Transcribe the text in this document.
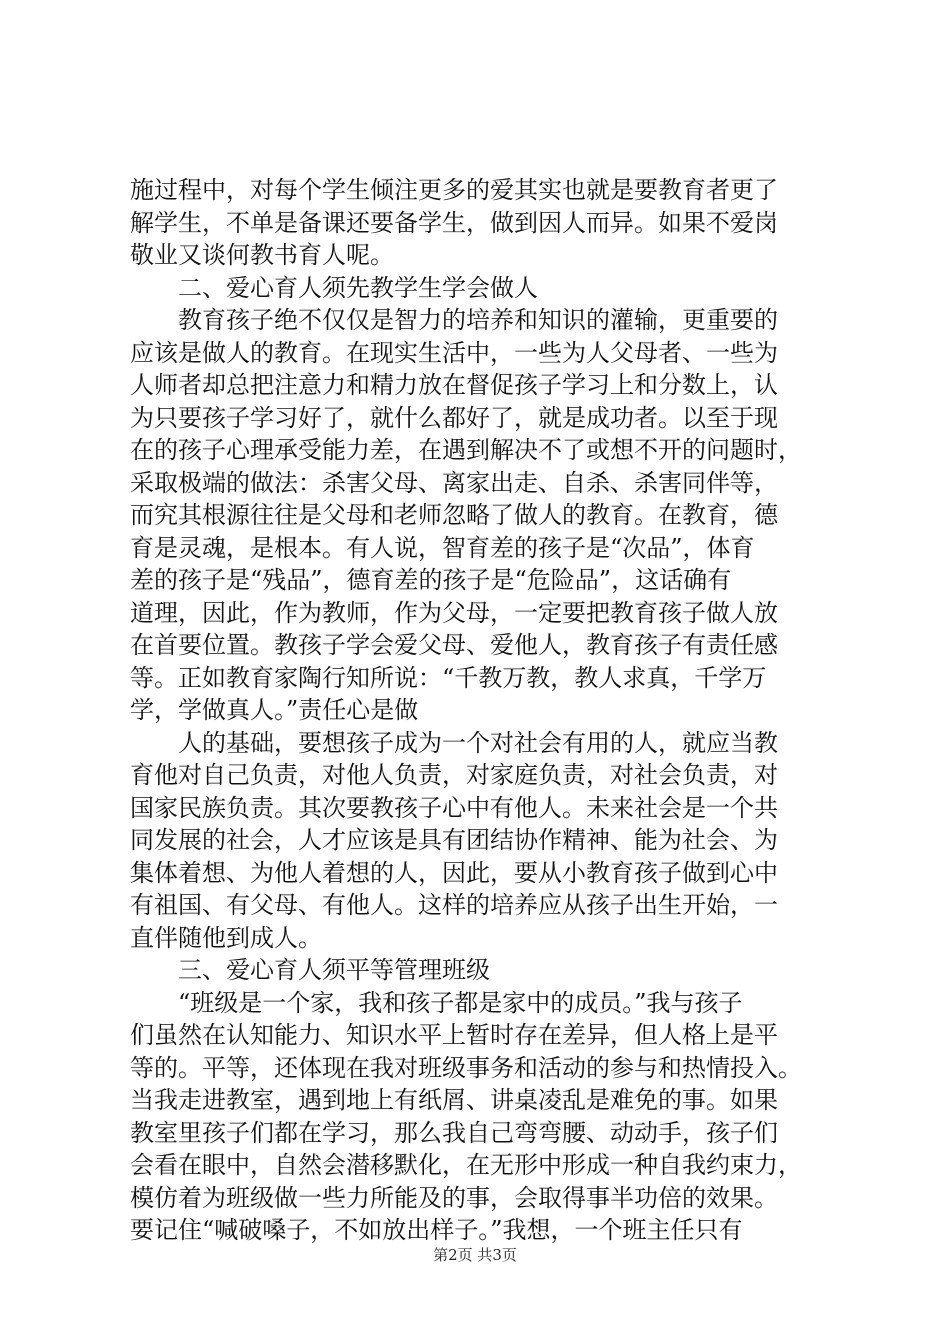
施过程中，对每个学生倾注更多的爱其实也就是要教育者更了
解学生，不单是备课还要备学生，做到因人而异。如果不爱岗
敬业又谈何教书育人呢。
二、爱心育人须先教学生学会做人
教育孩子绝不仅仅是智力的培养和知识的灌输，更重要的
应该是做人的教育。在现实生活中，一些为人父母者、一些为
人师者却总把注意力和精力放在督促孩子学习上和分数上，认
为只要孩子学习好了，就什么都好了，就是成功者。以至于现
在的孩子心理承受能力差，在遇到解决不了或想不开的问题时，
采取极端的做法：杀害父母、离家出走、自杀、杀害同伴等，
而究其根源往往是父母和老师忽略了做人的教育。在教育，德
育是灵魂，是根本。有人说，智育差的孩子是“次品”，体育
差的孩子是“残品”，德育差的孩子是“危险品”，这话确有
道理，因此，作为教师，作为父母，一定要把教育孩子做人放
在首要位置。教孩子学会爱父母、爱他人，教育孩子有责任感
等。正如教育家陶行知所说：“千教万教，教人求真，千学万
学，学做真人。”责任心是做
人的基础，要想孩子成为一个对社会有用的人，就应当教
育他对自己负责，对他人负责，对家庭负责，对社会负责，对
国家民族负责。其次要教孩子心中有他人。未来社会是一个共
同发展的社会，人才应该是具有团结协作精神、能为社会、为
集体着想、为他人着想的人，因此，要从小教育孩子做到心中
有祖国、有父母、有他人。这样的培养应从孩子出生开始，一
直伴随他到成人。
三、爱心育人须平等管理班级
“班级是一个家，我和孩子都是家中的成员。”我与孩子
们虽然在认知能力、知识水平上暂时存在差异，但人格上是平
等的。平等，还体现在我对班级事务和活动的参与和热情投入。
当我走进教室，遇到地上有纸屑、讲桌凌乱是难免的事。如果
教室里孩子们都在学习，那么我自己弯弯腰、动动手，孩子们
会看在眼中，自然会潜移默化，在无形中形成一种自我约束力，
模仿着为班级做一些力所能及的事，会取得事半功倍的效果。
要记住“喊破嗓子，不如放出样子。”我想，一个班主任只有
第2页 共3页
